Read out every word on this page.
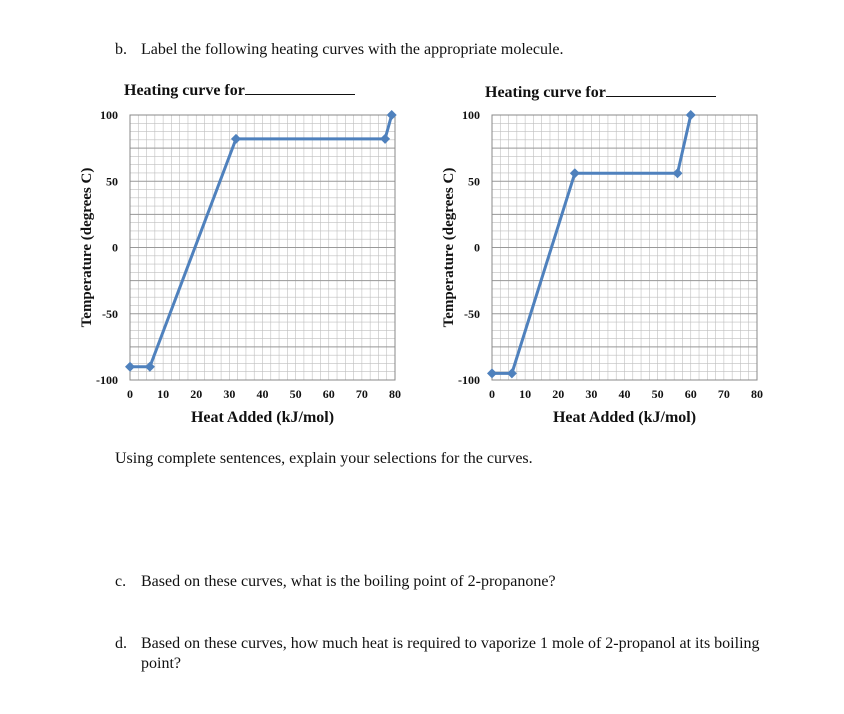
b. Label the following heating curves with the appropriate molecule.
Heating curve for	Heating curve for
100
50
0
-50
-100
0 10 20 30 40 50 60 70 80
Heat Added (kJ/mol)
Temperature (degrees C)
100
50
0
-50
-100
0 10 20 30 40 50 60 70 80
Heat Added (kJ/mol)
Temperature (degrees C)
Using complete sentences, explain your selections for the curves.
c. Based on these curves, what is the boiling point of 2-propanone?
d. Based on these curves, how much heat is required to vaporize 1 mole of 2-propanol at its boiling point?
